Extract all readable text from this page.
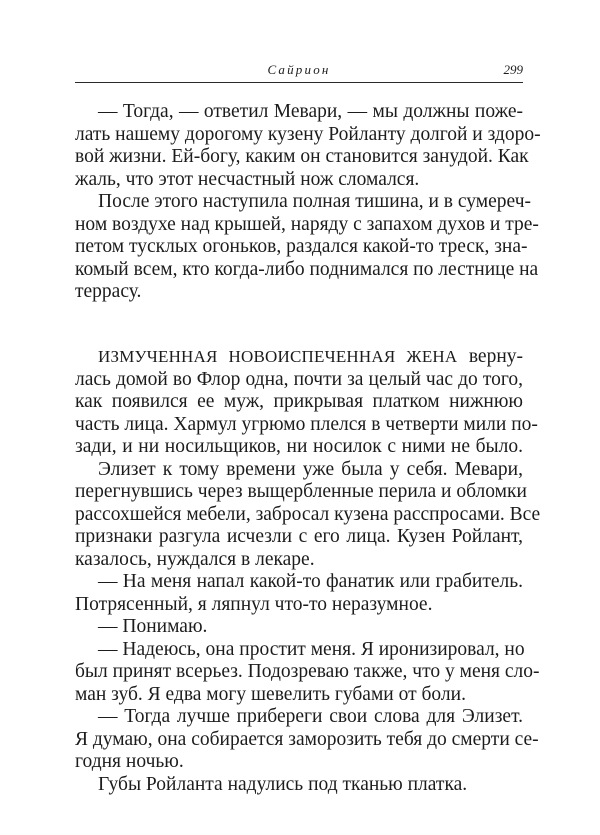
Сайрион	299
— Тогда, — ответил Мевари, — мы должны поже-
лать нашему дорогому кузену Ройланту долгой и здоро-
вой жизни. Ей-богу, каким он становится занудой. Как
жаль, что этот несчастный нож сломался.
После этого наступила полная тишина, и в сумереч-
ном воздухе над крышей, наряду с запахом духов и тре-
петом тусклых огоньков, раздался какой-то треск, зна-
комый всем, кто когда-либо поднимался по лестнице на
террасу.
ИЗМУЧЕННАЯ НОВОИСПЕЧЕННАЯ ЖЕНА верну-
лась домой во Флор одна, почти за целый час до того,
как появился ее муж, прикрывая платком нижнюю
часть лица. Хармул угрюмо плелся в четверти мили по-
зади, и ни носильщиков, ни носилок с ними не было.
Элизет к тому времени уже была у себя. Мевари,
перегнувшись через выщербленные перила и обломки
рассохшейся мебели, забросал кузена расспросами. Все
признаки разгула исчезли с его лица. Кузен Ройлант,
казалось, нуждался в лекаре.
— На меня напал какой-то фанатик или грабитель.
Потрясенный, я ляпнул что-то неразумное.
— Понимаю.
— Надеюсь, она простит меня. Я иронизировал, но
был принят всерьез. Подозреваю также, что у меня сло-
ман зуб. Я едва могу шевелить губами от боли.
— Тогда лучше прибереги свои слова для Элизет.
Я думаю, она собирается заморозить тебя до смерти се-
годня ночью.
Губы Ройланта надулись под тканью платка.
